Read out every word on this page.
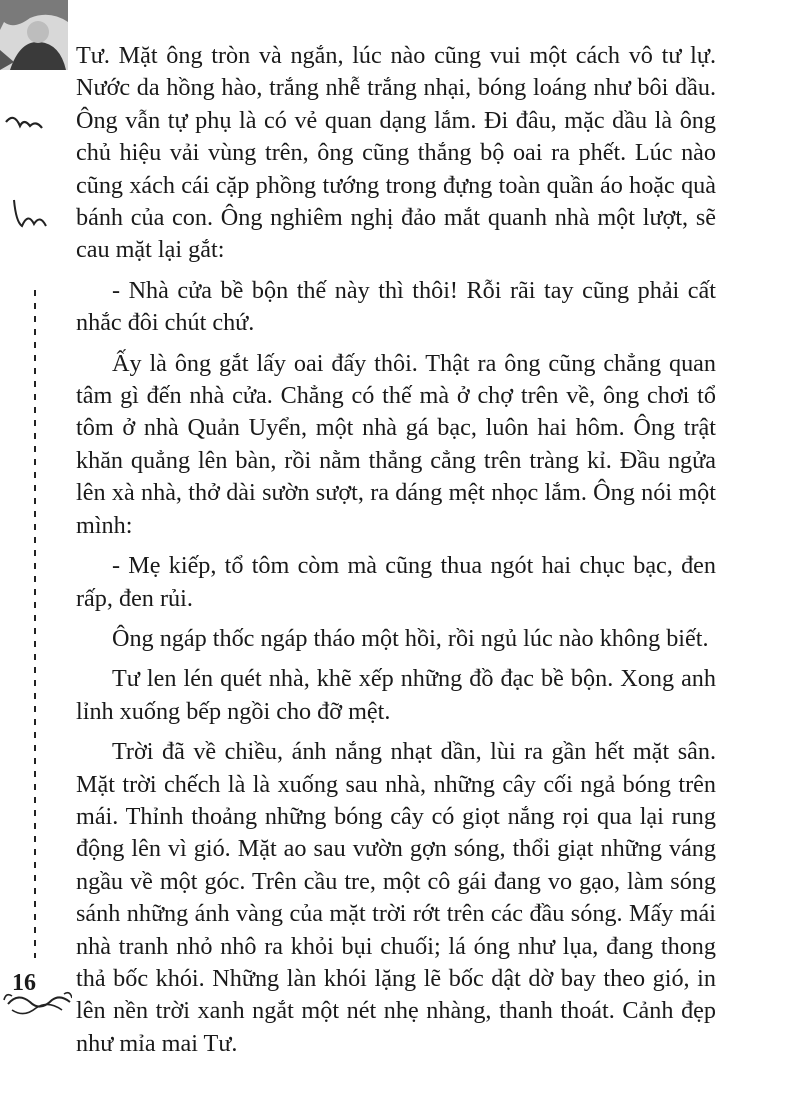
Tư. Mặt ông tròn và ngắn, lúc nào cũng vui một cách vô tư lự. Nước da hồng hào, trắng nhễ trắng nhại, bóng loáng như bôi dầu. Ông vẫn tự phụ là có vẻ quan dạng lắm. Đi đâu, mặc dầu là ông chủ hiệu vải vùng trên, ông cũng thắng bộ oai ra phết. Lúc nào cũng xách cái cặp phồng tướng trong đựng toàn quần áo hoặc quà bánh của con. Ông nghiêm nghị đảo mắt quanh nhà một lượt, sẽ cau mặt lại gắt:

- Nhà cửa bề bộn thế này thì thôi! Rỗi rãi tay cũng phải cất nhắc đôi chút chứ.

Ấy là ông gắt lấy oai đấy thôi. Thật ra ông cũng chẳng quan tâm gì đến nhà cửa. Chẳng có thế mà ở chợ trên về, ông chơi tổ tôm ở nhà Quản Uyển, một nhà gá bạc, luôn hai hôm. Ông trật khăn quẳng lên bàn, rồi nằm thẳng cẳng trên tràng kỉ. Đầu ngửa lên xà nhà, thở dài sườn sượt, ra dáng mệt nhọc lắm. Ông nói một mình:

- Mẹ kiếp, tổ tôm còm mà cũng thua ngót hai chục bạc, đen rấp, đen rủi.

Ông ngáp thốc ngáp tháo một hồi, rồi ngủ lúc nào không biết.

Tư len lén quét nhà, khẽ xếp những đồ đạc bề bộn. Xong anh lỉnh xuống bếp ngồi cho đỡ mệt.

Trời đã về chiều, ánh nắng nhạt dần, lùi ra gần hết mặt sân. Mặt trời chếch là là xuống sau nhà, những cây cối ngả bóng trên mái. Thỉnh thoảng những bóng cây có giọt nắng rọi qua lại rung động lên vì gió. Mặt ao sau vườn gợn sóng, thổi giạt những váng ngầu về một góc. Trên cầu tre, một cô gái đang vo gạo, làm sóng sánh những ánh vàng của mặt trời rớt trên các đầu sóng. Mấy mái nhà tranh nhỏ nhô ra khỏi bụi chuối; lá óng như lụa, đang thong thả bốc khói. Những làn khói lặng lẽ bốc dật dờ bay theo gió, in lên nền trời xanh ngắt một nét nhẹ nhàng, thanh thoát. Cảnh đẹp như mỉa mai Tư.

16
